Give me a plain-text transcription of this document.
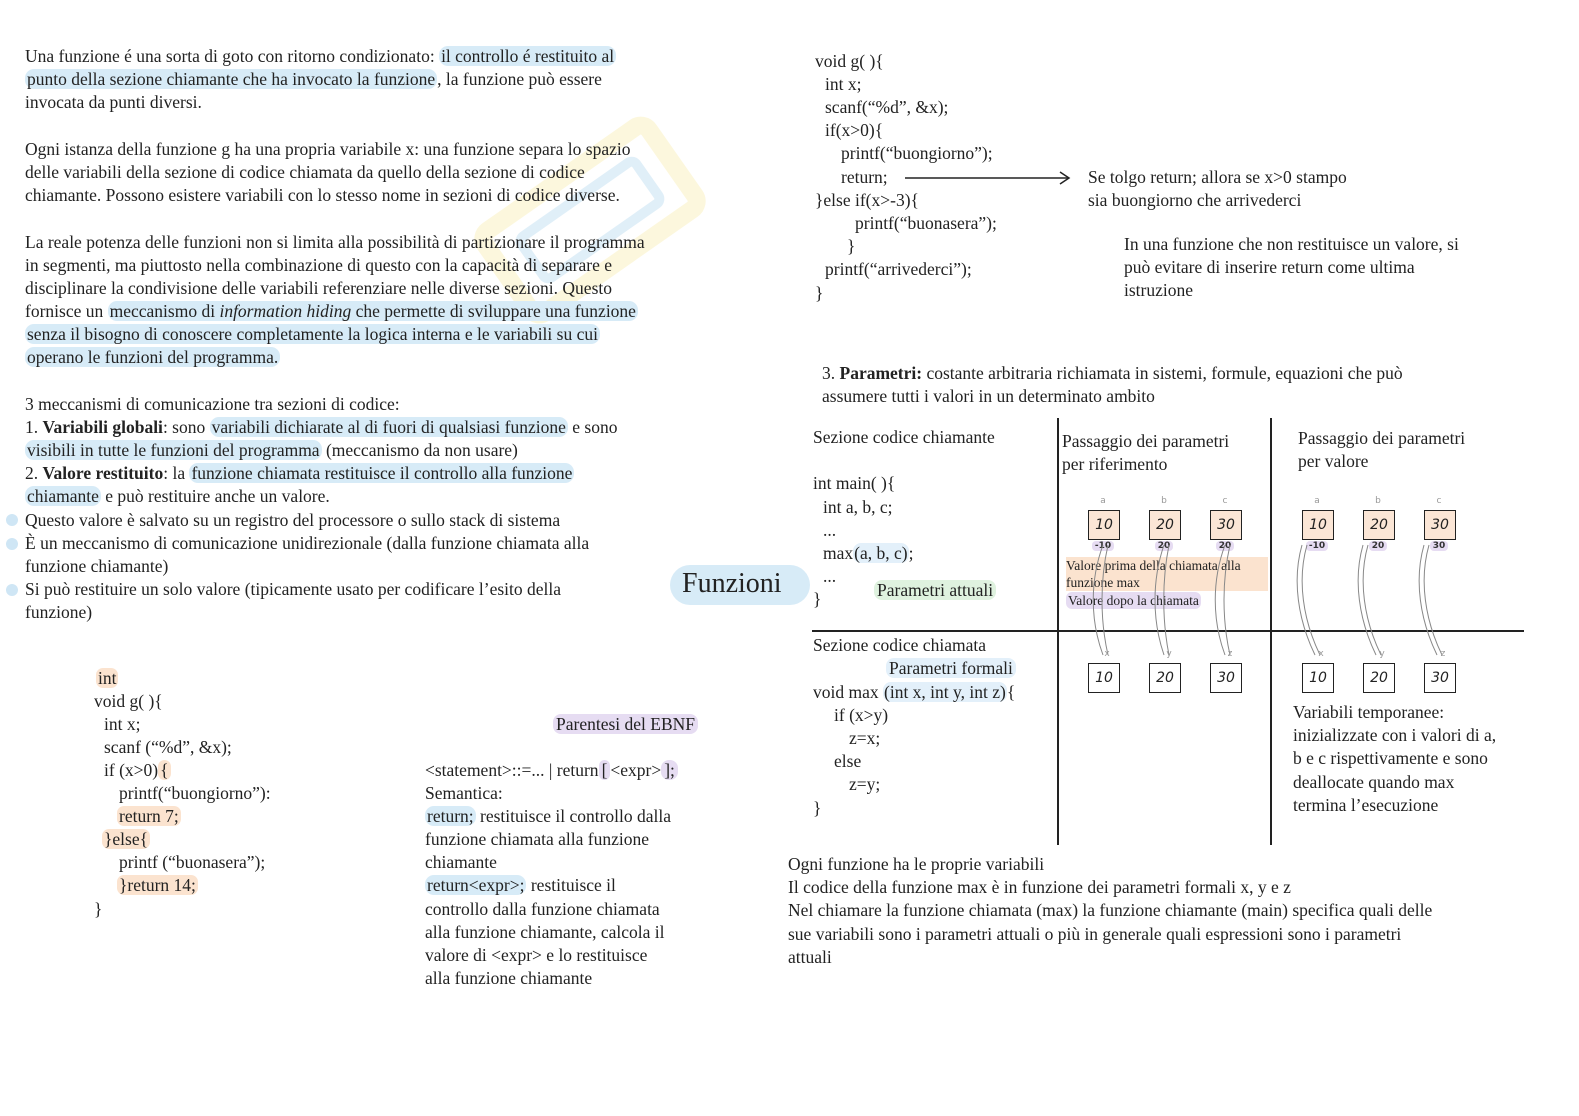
Una funzione é una sorta di goto con ritorno condizionato: il controllo é restituito al
punto della sezione chiamante che ha invocato la funzione , la funzione può essere
invocata da punti diversi.
Ogni istanza della funzione g ha una propria variabile x: una funzione separa lo spazio
delle variabili della sezione di codice chiamata da quello della sezione di codice
chiamante. Possono esistere variabili con lo stesso nome in sezioni di codice diverse.
La reale potenza delle funzioni non si limita alla possibilità di partizionare il programma
in segmenti, ma piuttosto nella combinazione di questo con la capacità di separare e
disciplinare la condivisione delle variabili referenziare nelle diverse sezioni. Questo
fornisce un meccanismo di information hiding che permette di sviluppare una funzione
senza il bisogno di conoscere completamente la logica interna e le variabili su cui
operano le funzioni del programma.
3 meccanismi di comunicazione tra sezioni di codice:
1. Variabili globali: sono variabili dichiarate al di fuori di qualsiasi funzione e sono
visibili in tutte le funzioni del programma (meccanismo da non usare)
2. Valore restituito: la funzione chiamata restituisce il controllo alla funzione
chiamante e può restituire anche un valore.
Questo valore è salvato su un registro del processore o sullo stack di sistema
È un meccanismo di comunicazione unidirezionale (dalla funzione chiamata alla
funzione chiamante)
Si può restituire un solo valore (tipicamente usato per codificare l’esito della
funzione)
int
void g( ){
int x;
scanf (“%d”, &x);
if (x>0) {
printf(“buongiorno”):
return 7;
}else{
printf (“buonasera”);
}return 14;
}
Parentesi del EBNF
<statement>::=... | return [ <expr> ];
Semantica:
return; restituisce il controllo dalla
funzione chiamata alla funzione
chiamante
return<expr>; restituisce il
controllo dalla funzione chiamata
alla funzione chiamante, calcola il
valore di <expr> e lo restituisce
alla funzione chiamante
Funzioni
void g( ){
int x;
scanf(“%d”, &x);
if(x>0){
printf(“buongiorno”);
return;
}else if(x>-3){
printf(“buonasera”);
}
printf(“arrivederci”);
}
Se tolgo return; allora se x>0 stampo
sia buongiorno che arrivederci
In una funzione che non restituisce un valore, si
può evitare di inserire return come ultima
istruzione
3. Parametri: costante arbitraria richiamata in sistemi, formule, equazioni che può
assumere tutti i valori in un determinato ambito
Sezione codice chiamante
int main( ){
int a, b, c;
...
max(a, b, c);
...
}	Parametri attuali
Passaggio dei parametri
per riferimento
Passaggio dei parametri
per valore
a	b	c
10	20	30
-10	20	20
Valore prima della chiamata alla
funzione max
Valore dopo la chiamata
a	b	c
10	20	30
-10	20	30
Sezione codice chiamata
Parametri formali
void max (int x, int y, int z){
if (x>y)
z=x;
else
z=y;
}
x	y	z
10	20	30
x	y	z
10	20	30
Variabili temporanee:
inizializzate con i valori di a,
b e c rispettivamente e sono
deallocate quando max
termina l’esecuzione
Ogni funzione ha le proprie variabili
Il codice della funzione max è in funzione dei parametri formali x, y e z
Nel chiamare la funzione chiamata (max) la funzione chiamante (main) specifica quali delle
sue variabili sono i parametri attuali o più in generale quali espressioni sono i parametri
attuali
